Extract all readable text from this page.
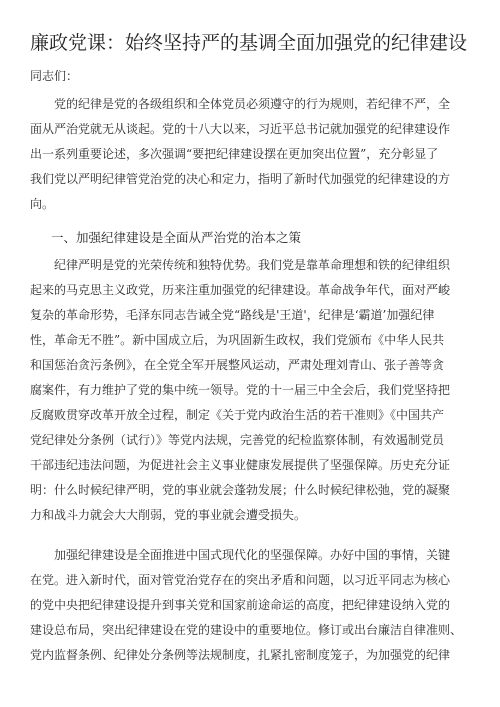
廉政党课：始终坚持严的基调全面加强党的纪律建设

同志们：

党的纪律是党的各级组织和全体党员必须遵守的行为规则，若纪律不严，全
面从严治党就无从谈起。党的十八大以来，习近平总书记就加强党的纪律建设作
出一系列重要论述，多次强调“要把纪律建设摆在更加突出位置”，充分彰显了
我们党以严明纪律管党治党的决心和定力，指明了新时代加强党的纪律建设的方
向。
一、加强纪律建设是全面从严治党的治本之策
纪律严明是党的光荣传统和独特优势。我们党是靠革命理想和铁的纪律组织
起来的马克思主义政党，历来注重加强党的纪律建设。革命战争年代，面对严峻
复杂的革命形势，毛泽东同志告诫全党“路线是'王道'，纪律是‘霸道’加强纪律
性，革命无不胜”。新中国成立后，为巩固新生政权，我们党颁布《中华人民共
和国惩治贪污条例》，在全党全军开展整风运动，严肃处理刘青山、张子善等贪
腐案件，有力维护了党的集中统一领导。党的十一届三中全会后，我们党坚持把
反腐败贯穿改革开放全过程，制定《关于党内政治生活的若干准则》《中国共产
党纪律处分条例（试行）》等党内法规，完善党的纪检监察体制，有效遏制党员
干部违纪违法问题，为促进社会主义事业健康发展提供了坚强保障。历史充分证
明：什么时候纪律严明，党的事业就会蓬勃发展；什么时候纪律松弛，党的凝聚
力和战斗力就会大大削弱，党的事业就会遭受损失。
加强纪律建设是全面推进中国式现代化的坚强保障。办好中国的事情，关键
在党。进入新时代，面对管党治党存在的突出矛盾和问题，以习近平同志为核心
的党中央把纪律建设提升到事关党和国家前途命运的高度，把纪律建设纳入党的
建设总布局，突出纪律建设在党的建设中的重要地位。修订或出台廉洁自律准则、
党内监督条例、纪律处分条例等法规制度，扎紧扎密制度笼子，为加强党的纪律
